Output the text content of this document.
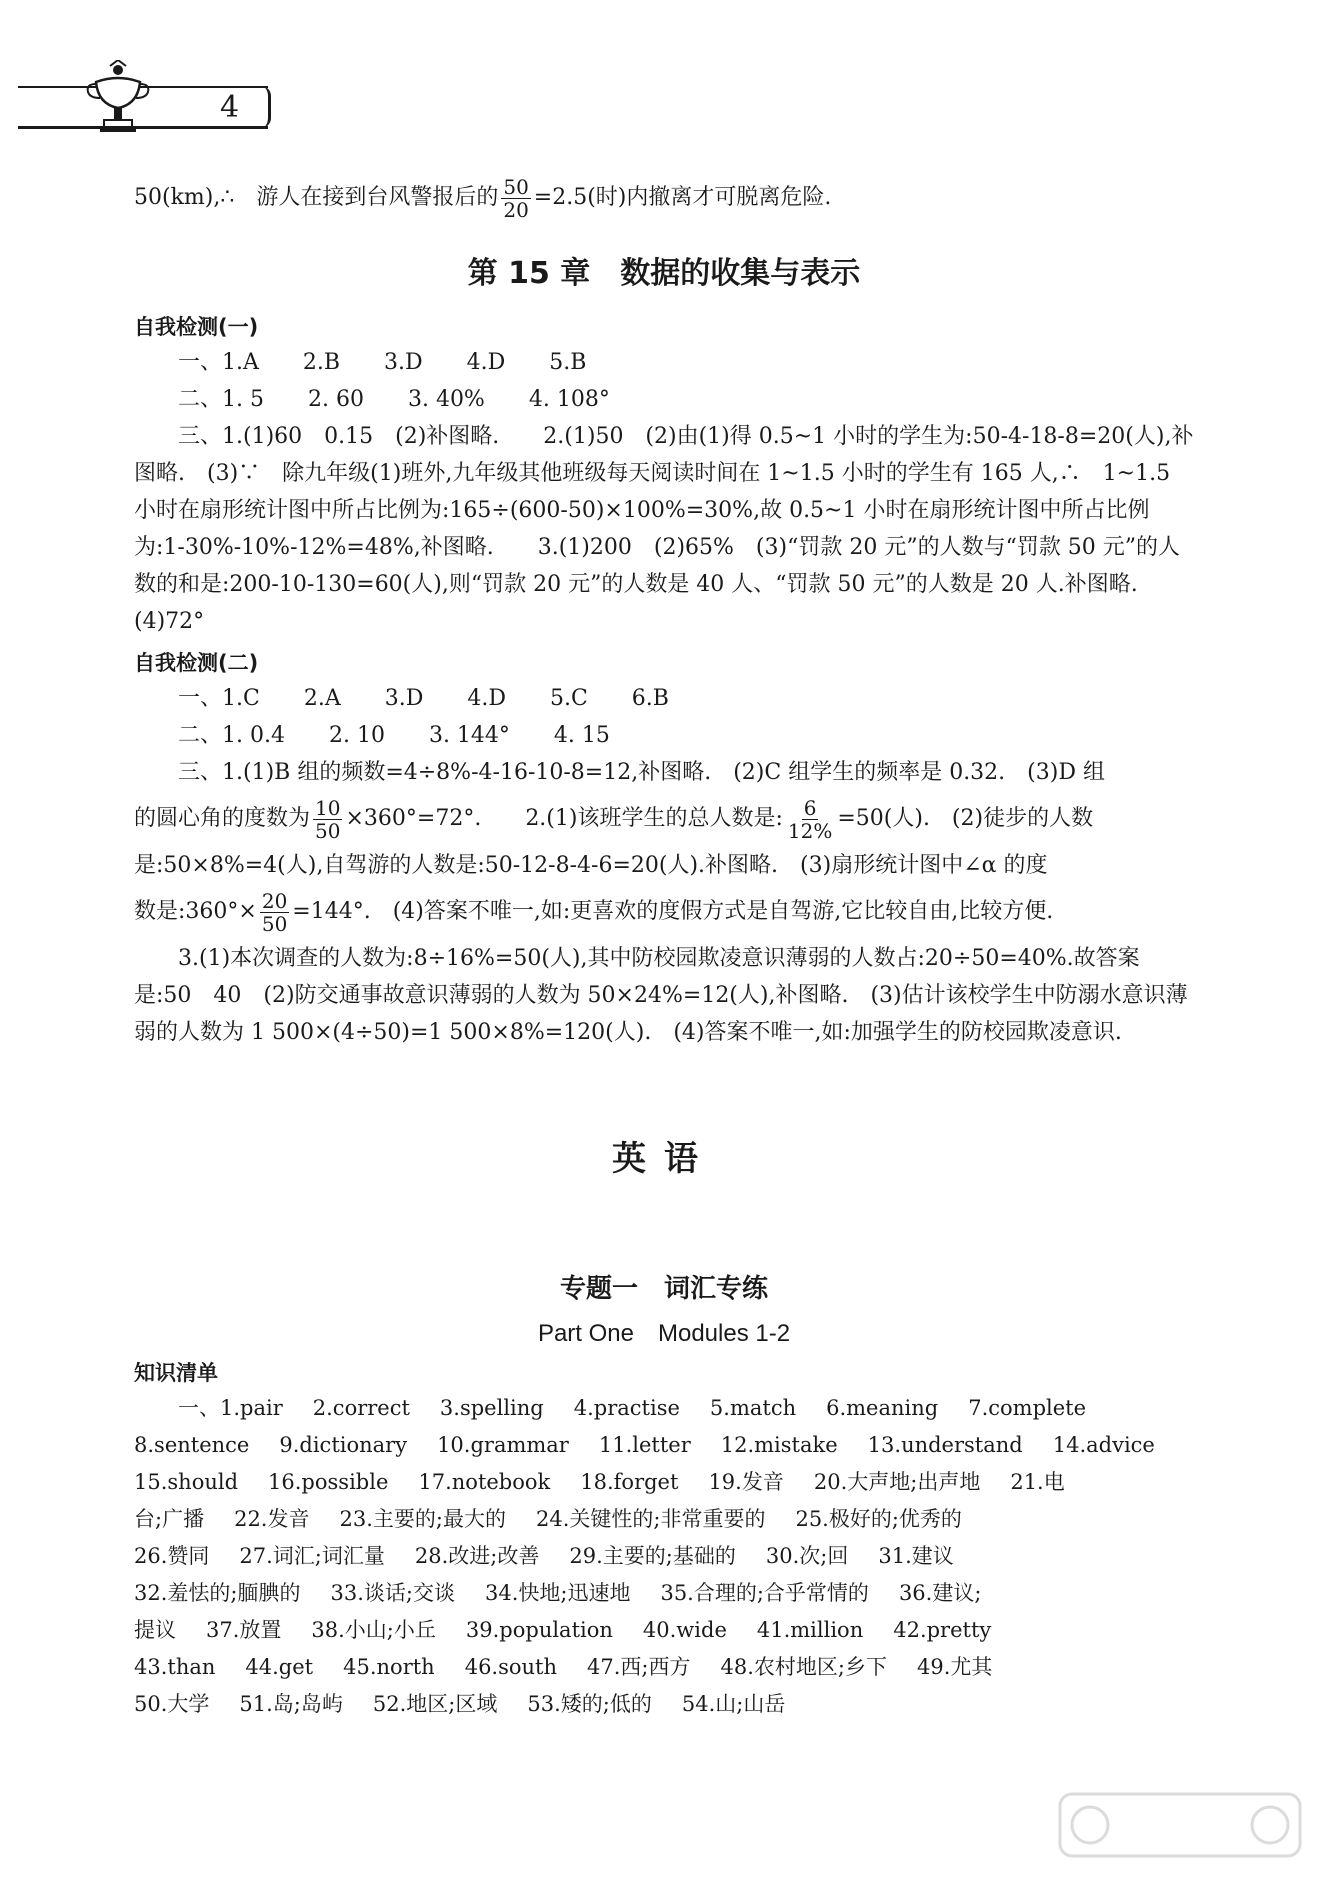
4

50(km),∴　游人在接到台风警报后的 $\frac{50}{20} =2.5$(时)内撤离才可脱离危险.

第 15 章　数据的收集与表示
自我检测(一)

一、1.A　　2.B　　3.D　　4.D　　5.B

二、1. 5　　2. 60　　3. 40%　　4. 108°

三、1.(1)60　0.15　(2)补图略.　　2.(1)50　(2)由(1)得 0.5~1 小时的学生为:50-4-18-8=20(人),补图略.　(3)∵　除九年级(1)班外,九年级其他班级每天阅读时间在 1~1.5 小时的学生有 165 人,∴　1~1.5 小时在扇形统计图中所占比例为:165÷(600-50)×100%=30%,故 0.5~1 小时在扇形统计图中所占比例为:1-30%-10%-12%=48%,补图略.　　3.(1)200　(2)65%　(3)“罚款 20 元”的人数与“罚款 50 元”的人数的和是:200-10-130=60(人),则“罚款 20 元”的人数是 40 人、“罚款 50 元”的人数是 20 人.补图略.　(4)72°

自我检测(二)

一、1.C　　2.A　　3.D　　4.D　　5.C　　6.B

二、1. 0.4　　2. 10　　3. 144°　　4. 15

三、1.(1)B 组的频数=4÷8%-4-16-10-8=12,补图略.　(2)C 组学生的频率是 0.32.　(3)D 组

的圆心角的度数为 $\frac{10}{50} \times 360^\circ=72^\circ$.　　2.(1)该班学生的总人数是: $\frac{6}{12\%} =50$(人).　(2)徒步的人数

是:50×8%=4(人),自驾游的人数是:50-12-8-4-6=20(人).补图略.　(3)扇形统计图中∠α 的度

数是:360°× $\frac{20}{50} =144^\circ$.　(4)答案不唯一,如:更喜欢的度假方式是自驾游,它比较自由,比较方便.

3.(1)本次调查的人数为:8÷16%=50(人),其中防校园欺凌意识薄弱的人数占:20÷50=40%.故答案是:50　40　(2)防交通事故意识薄弱的人数为 50×24%=12(人),补图略.　(3)估计该校学生中防溺水意识薄弱的人数为 1 500×(4÷50)=1 500×8%=120(人).　(4)答案不唯一,如:加强学生的防校园欺凌意识.

英语
专题一　词汇专练
Part One　Modules 1-2
知识清单

一、1.pair 2.correct 3.spelling 4.practise 5.match 6.meaning 7.complete

8.sentence 9.dictionary 10.grammar 11.letter 12.mistake 13.understand 14.advice

15.should 16.possible 17.notebook 18.forget 19.发音 20.大声地;出声地 21.电

台;广播 22.发音 23.主要的;最大的 24.关键性的;非常重要的 25.极好的;优秀的

26.赞同 27.词汇;词汇量 28.改进;改善 29.主要的;基础的 30.次;回 31.建议

32.羞怯的;腼腆的 33.谈话;交谈 34.快地;迅速地 35.合理的;合乎常情的 36.建议;

提议 37.放置 38.小山;小丘 39.population 40.wide 41.million 42.pretty

43.than 44.get 45.north 46.south 47.西;西方 48.农村地区;乡下 49.尤其

50.大学 51.岛;岛屿 52.地区;区域 53.矮的;低的 54.山;山岳
